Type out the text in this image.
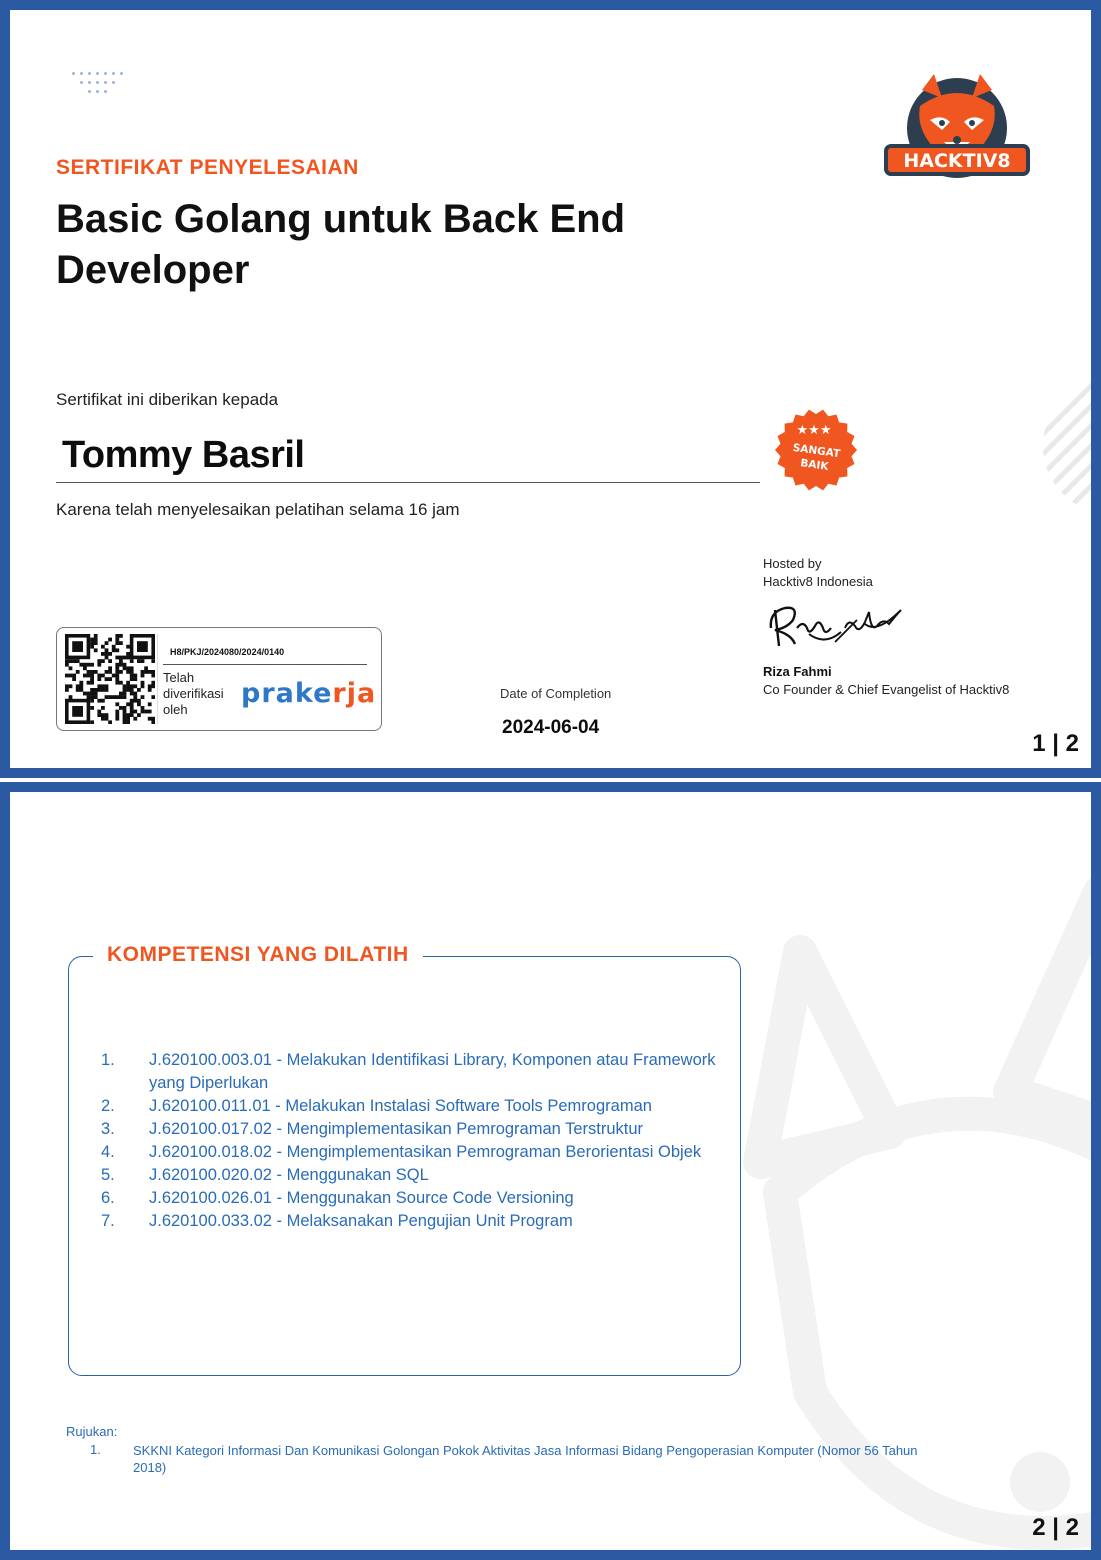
SERTIFIKAT PENYELESAIAN
Basic Golang untuk Back End Developer
HACKTIV8
Sertifikat ini diberikan kepada
Tommy Basril
Karena telah menyelesaikan pelatihan selama 16 jam
★★★
SANGAT
BAIK
Hosted by
Hacktiv8 Indonesia
Riza Fahmi
Co Founder & Chief Evangelist of Hacktiv8
H8/PKJ/2024080/2024/0140
Telah diverifikasi oleh
prakerja	Date of Completion
2024-06-04
1 | 2
KOMPETENSI YANG DILATIH
1. J.620100.003.01 - Melakukan Identifikasi Library, Komponen atau Framework yang Diperlukan
2. J.620100.011.01 - Melakukan Instalasi Software Tools Pemrograman
3. J.620100.017.02 - Mengimplementasikan Pemrograman Terstruktur
4. J.620100.018.02 - Mengimplementasikan Pemrograman Berorientasi Objek
5. J.620100.020.02 - Menggunakan SQL
6. J.620100.026.01 - Menggunakan Source Code Versioning
7. J.620100.033.02 - Melaksanakan Pengujian Unit Program
Rujukan:
1. SKKNI Kategori Informasi Dan Komunikasi Golongan Pokok Aktivitas Jasa Informasi Bidang Pengoperasian Komputer (Nomor 56 Tahun 2018)
2 | 2
